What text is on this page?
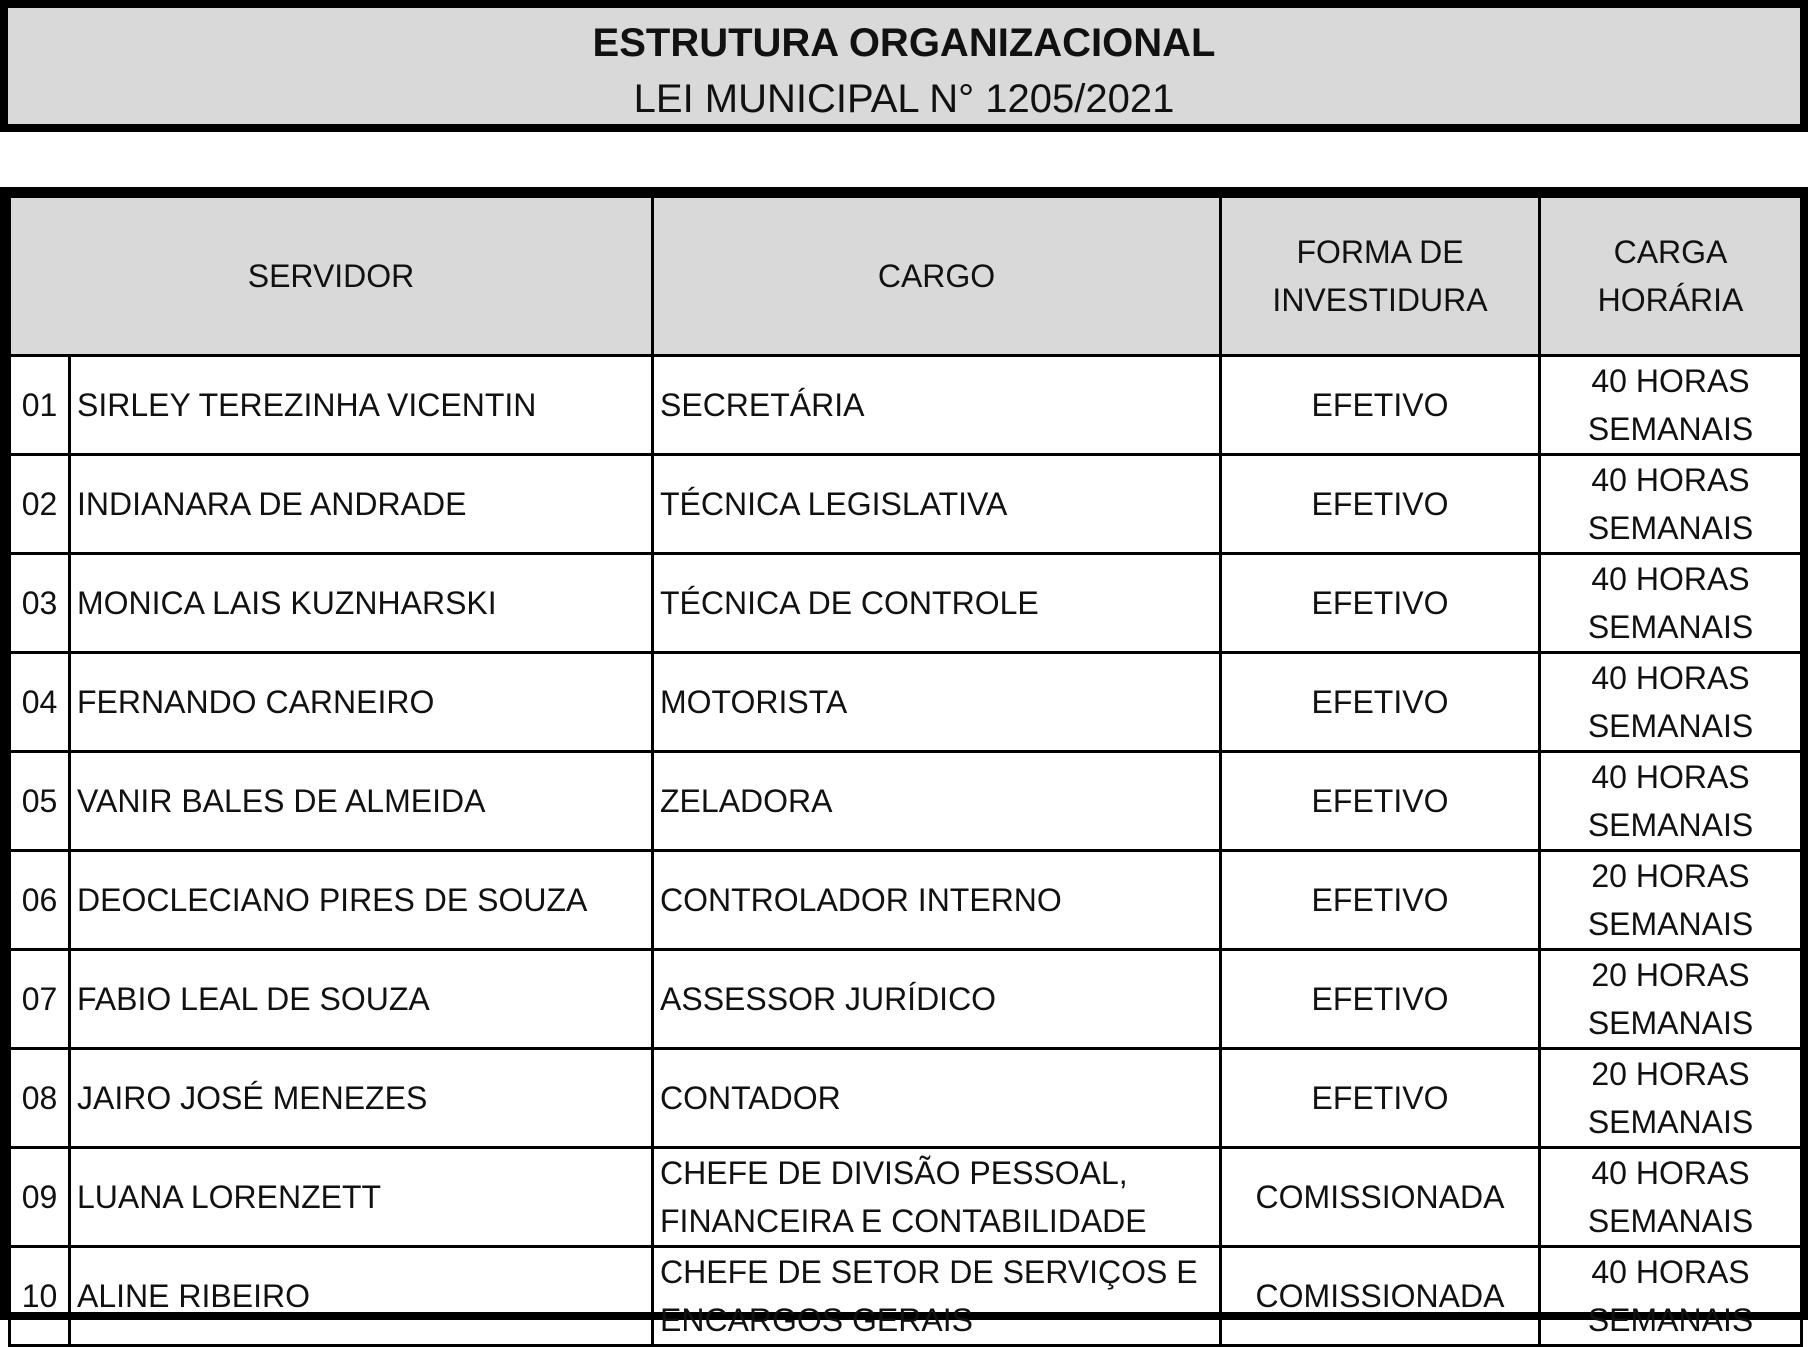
ESTRUTURA ORGANIZACIONAL
LEI MUNICIPAL N° 1205/2021
SERVIDOR		CARGO	FORMA DE
INVESTIDURA	CARGA
HORÁRIA

01	SIRLEY TEREZINHA VICENTIN	SECRETÁRIA	EFETIVO	40 HORAS
SEMANAIS

02	INDIANARA DE ANDRADE	TÉCNICA LEGISLATIVA	EFETIVO	40 HORAS
SEMANAIS

03	MONICA LAIS KUZNHARSKI	TÉCNICA DE CONTROLE	EFETIVO	40 HORAS
SEMANAIS

04	FERNANDO CARNEIRO	MOTORISTA	EFETIVO	40 HORAS
SEMANAIS

05	VANIR BALES DE ALMEIDA	ZELADORA	EFETIVO	40 HORAS
SEMANAIS

06	DEOCLECIANO PIRES DE SOUZA	CONTROLADOR INTERNO	EFETIVO	20 HORAS
SEMANAIS

07	FABIO LEAL DE SOUZA	ASSESSOR JURÍDICO	EFETIVO	20 HORAS
SEMANAIS

08	JAIRO JOSÉ MENEZES	CONTADOR	EFETIVO	20 HORAS
SEMANAIS

09	LUANA LORENZETT	CHEFE DE DIVISÃO PESSOAL,
FINANCEIRA E CONTABILIDADE	COMISSIONADA	40 HORAS
SEMANAIS

10	ALINE RIBEIRO	CHEFE DE SETOR DE SERVIÇOS E
ENCARGOS GERAIS	COMISSIONADA	40 HORAS
SEMANAIS
